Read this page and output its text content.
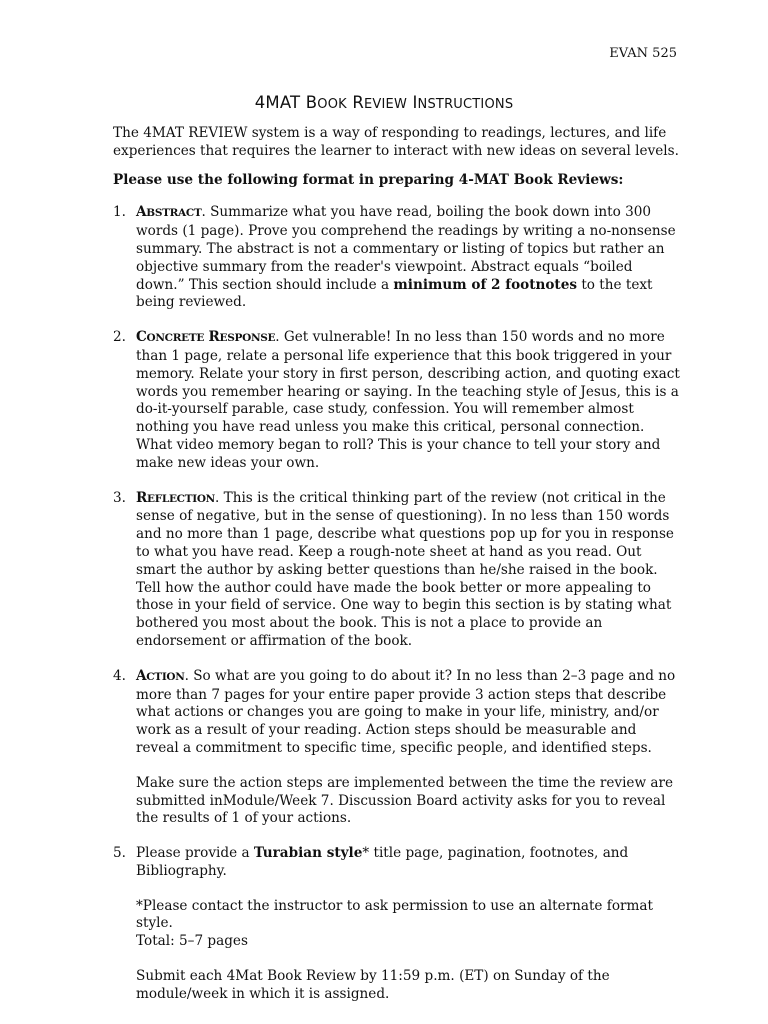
EVAN 525
4MAT BOOK REVIEW INSTRUCTIONS

The 4MAT REVIEW system is a way of responding to readings, lectures, and life experiences that requires the learner to interact with new ideas on several levels.

Please use the following format in preparing 4-MAT Book Reviews:

1. ABSTRACT. Summarize what you have read, boiling the book down into 300 words (1 page). Prove you comprehend the readings by writing a no-nonsense summary. The abstract is not a commentary or listing of topics but rather an objective summary from the reader's viewpoint. Abstract equals “boiled down.” This section should include a minimum of 2 footnotes to the text being reviewed.

2. CONCRETE RESPONSE. Get vulnerable! In no less than 150 words and no more than 1 page, relate a personal life experience that this book triggered in your memory. Relate your story in first person, describing action, and quoting exact words you remember hearing or saying. In the teaching style of Jesus, this is a do-it-yourself parable, case study, confession. You will remember almost nothing you have read unless you make this critical, personal connection. What video memory began to roll? This is your chance to tell your story and make new ideas your own.

3. REFLECTION. This is the critical thinking part of the review (not critical in the sense of negative, but in the sense of questioning). In no less than 150 words and no more than 1 page, describe what questions pop up for you in response to what you have read. Keep a rough-note sheet at hand as you read. Out smart the author by asking better questions than he/she raised in the book. Tell how the author could have made the book better or more appealing to those in your field of service. One way to begin this section is by stating what bothered you most about the book. This is not a place to provide an endorsement or affirmation of the book.

4. ACTION. So what are you going to do about it? In no less than 2–3 page and no more than 7 pages for your entire paper provide 3 action steps that describe what actions or changes you are going to make in your life, ministry, and/or work as a result of your reading. Action steps should be measurable and reveal a commitment to specific time, specific people, and identified steps.

Make sure the action steps are implemented between the time the review are submitted inModule/Week 7. Discussion Board activity asks for you to reveal the results of 1 of your actions.

5. Please provide a Turabian style* title page, pagination, footnotes, and Bibliography.

*Please contact the instructor to ask permission to use an alternate format style.
Total: 5–7 pages

Submit each 4Mat Book Review by 11:59 p.m. (ET) on Sunday of the module/week in which it is assigned.
